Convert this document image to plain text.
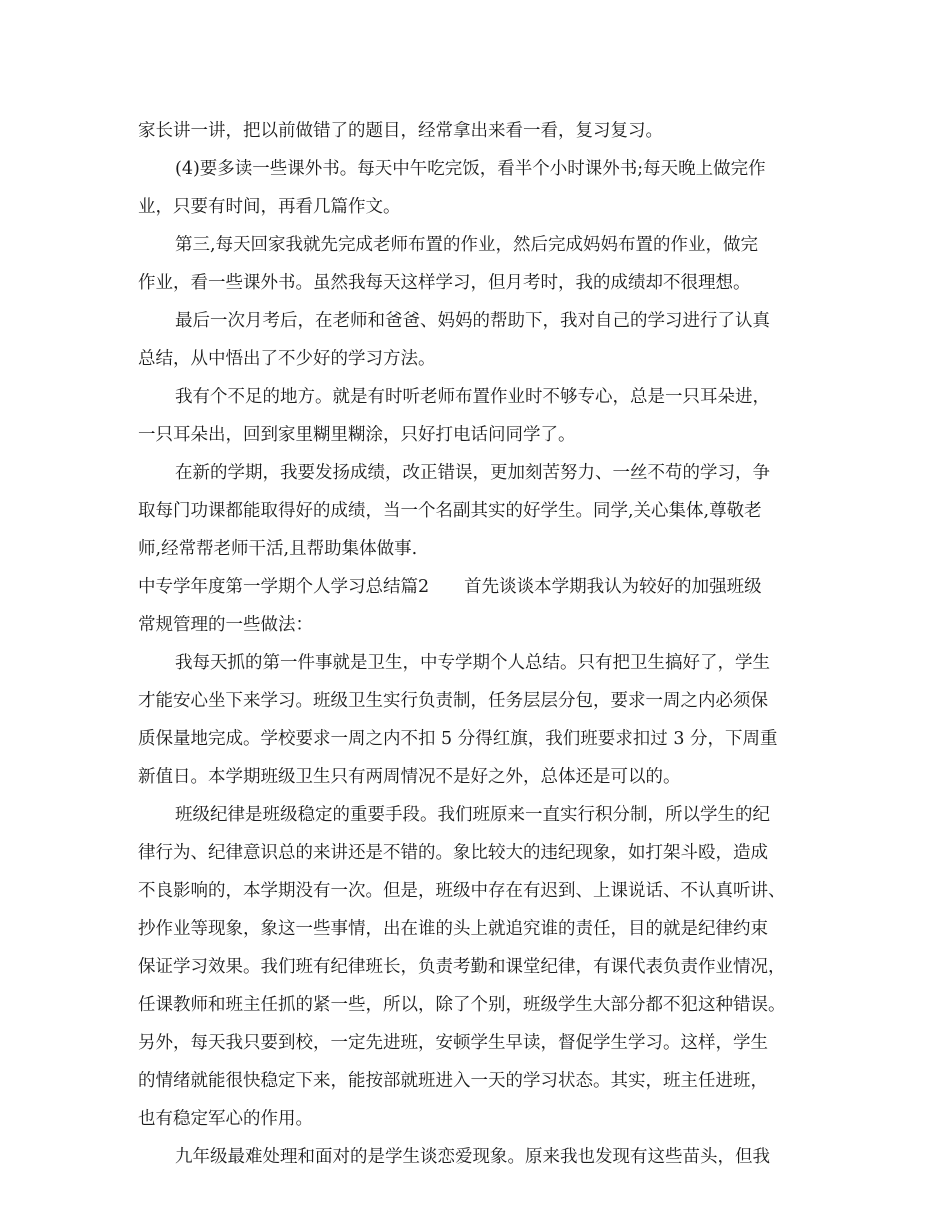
家长讲一讲，把以前做错了的题目，经常拿出来看一看，复习复习。
(4)要多读一些课外书。每天中午吃完饭，看半个小时课外书;每天晚上做完作
业，只要有时间，再看几篇作文。
第三,每天回家我就先完成老师布置的作业，然后完成妈妈布置的作业，做完
作业，看一些课外书。虽然我每天这样学习，但月考时，我的成绩却不很理想。
最后一次月考后，在老师和爸爸、妈妈的帮助下，我对自己的学习进行了认真
总结，从中悟出了不少好的学习方法。
我有个不足的地方。就是有时听老师布置作业时不够专心，总是一只耳朵进，
一只耳朵出，回到家里糊里糊涂，只好打电话问同学了。
在新的学期，我要发扬成绩，改正错误，更加刻苦努力、一丝不苟的学习，争
取每门功课都能取得好的成绩，当一个名副其实的好学生。同学,关心集体,尊敬老
师,经常帮老师干活,且帮助集体做事.
中专学年度第一学期个人学习总结篇2　　首先谈谈本学期我认为较好的加强班级
常规管理的一些做法：
我每天抓的第一件事就是卫生，中专学期个人总结。只有把卫生搞好了，学生
才能安心坐下来学习。班级卫生实行负责制，任务层层分包，要求一周之内必须保
质保量地完成。学校要求一周之内不扣 5 分得红旗，我们班要求扣过 3 分，下周重
新值日。本学期班级卫生只有两周情况不是好之外，总体还是可以的。
班级纪律是班级稳定的重要手段。我们班原来一直实行积分制，所以学生的纪
律行为、纪律意识总的来讲还是不错的。象比较大的违纪现象，如打架斗殴，造成
不良影响的，本学期没有一次。但是，班级中存在有迟到、上课说话、不认真听讲、
抄作业等现象，象这一些事情，出在谁的头上就追究谁的责任，目的就是纪律约束
保证学习效果。我们班有纪律班长，负责考勤和课堂纪律，有课代表负责作业情况，
任课教师和班主任抓的紧一些，所以，除了个别，班级学生大部分都不犯这种错误。
另外，每天我只要到校，一定先进班，安顿学生早读，督促学生学习。这样，学生
的情绪就能很快稳定下来，能按部就班进入一天的学习状态。其实，班主任进班，
也有稳定军心的作用。
九年级最难处理和面对的是学生谈恋爱现象。原来我也发现有这些苗头，但我
